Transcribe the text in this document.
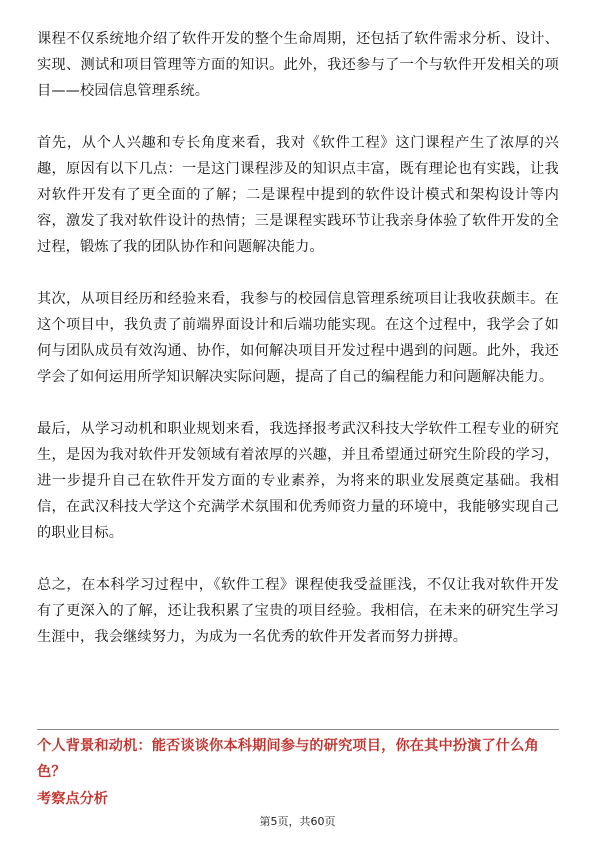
课程不仅系统地介绍了软件开发的整个生命周期，还包括了软件需求分析、设计、实现、测试和项目管理等方面的知识。此外，我还参与了一个与软件开发相关的项目——校园信息管理系统。

首先，从个人兴趣和专长角度来看，我对《软件工程》这门课程产生了浓厚的兴趣，原因有以下几点：一是这门课程涉及的知识点丰富，既有理论也有实践，让我对软件开发有了更全面的了解；二是课程中提到的软件设计模式和架构设计等内容，激发了我对软件设计的热情；三是课程实践环节让我亲身体验了软件开发的全过程，锻炼了我的团队协作和问题解决能力。

其次，从项目经历和经验来看，我参与的校园信息管理系统项目让我收获颇丰。在这个项目中，我负责了前端界面设计和后端功能实现。在这个过程中，我学会了如何与团队成员有效沟通、协作，如何解决项目开发过程中遇到的问题。此外，我还学会了如何运用所学知识解决实际问题，提高了自己的编程能力和问题解决能力。

最后，从学习动机和职业规划来看，我选择报考武汉科技大学软件工程专业的研究生，是因为我对软件开发领域有着浓厚的兴趣，并且希望通过研究生阶段的学习，进一步提升自己在软件开发方面的专业素养，为将来的职业发展奠定基础。我相信，在武汉科技大学这个充满学术氛围和优秀师资力量的环境中，我能够实现自己的职业目标。

总之，在本科学习过程中，《软件工程》课程使我受益匪浅，不仅让我对软件开发有了更深入的了解，还让我积累了宝贵的项目经验。我相信，在未来的研究生学习生涯中，我会继续努力，为成为一名优秀的软件开发者而努力拼搏。

个人背景和动机：能否谈谈你本科期间参与的研究项目，你在其中扮演了什么角色？

考察点分析

第5页，共60页
